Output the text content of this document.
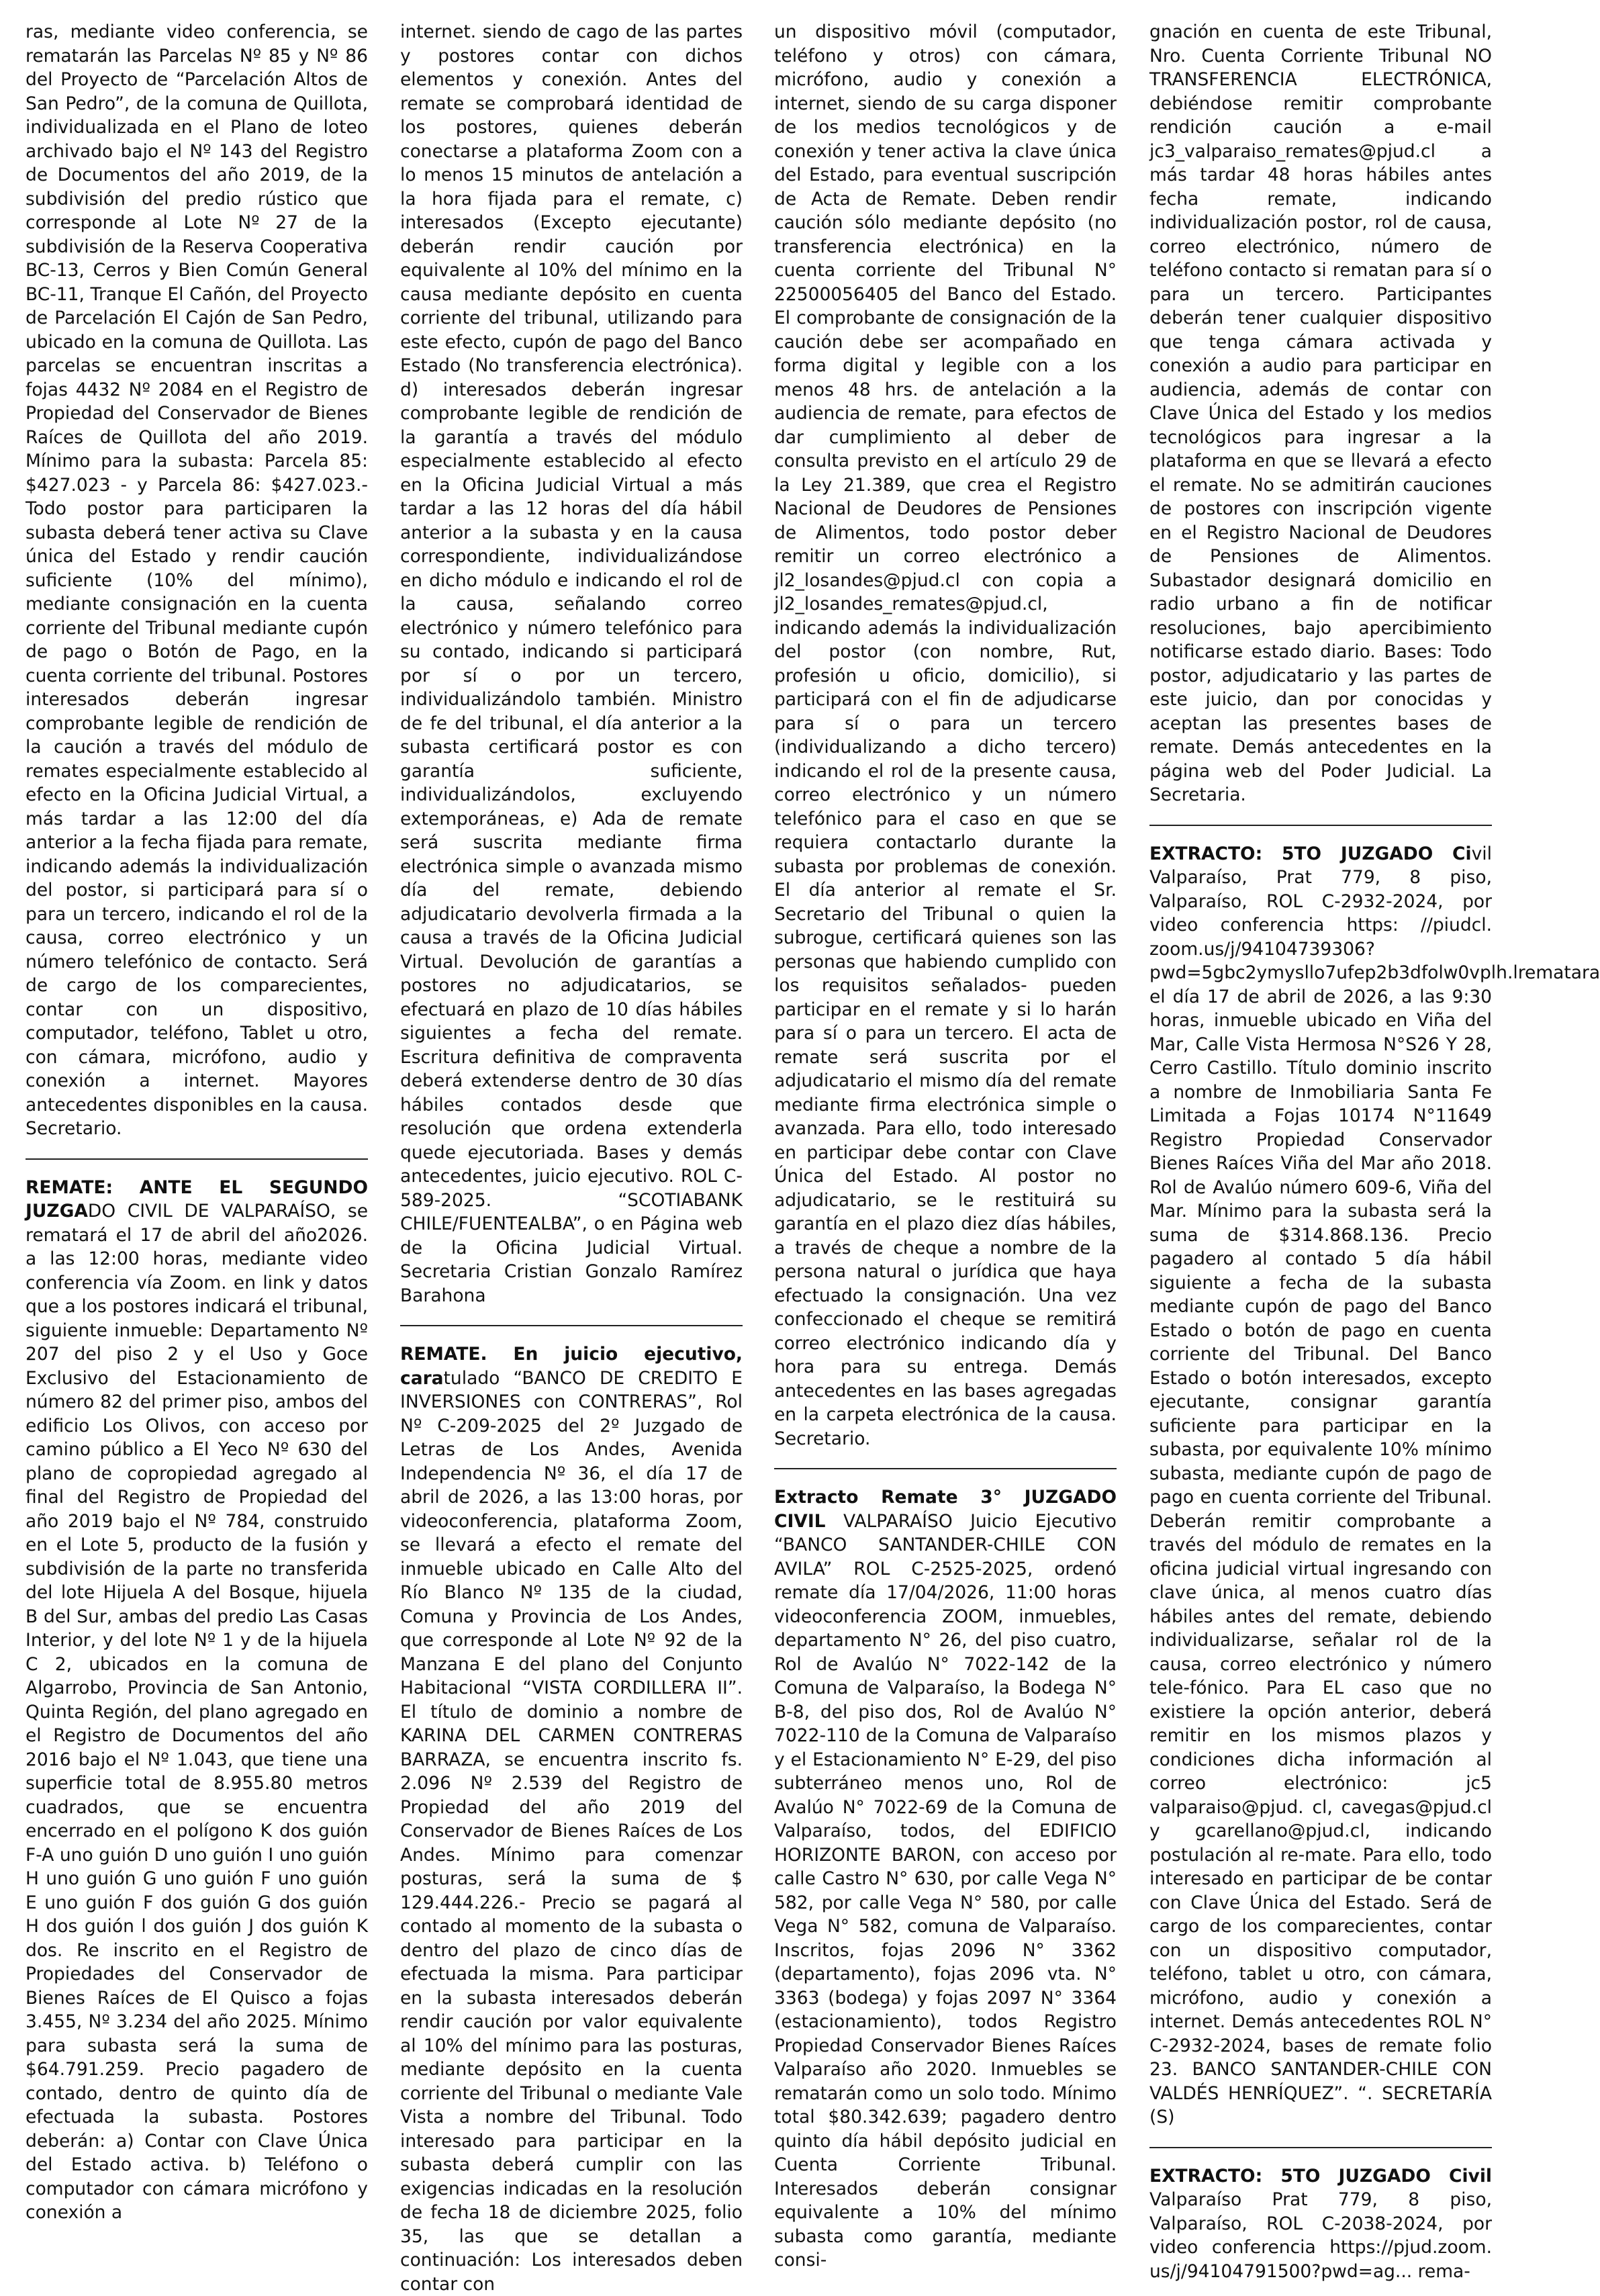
ras, mediante video conferencia, se rematarán las Parcelas Nº 85 y Nº 86 del Proyecto de “Parcelación Altos de San Pedro”, de la comuna de Quillota, individualizada en el Plano de loteo archivado bajo el Nº 143 del Registro de Documentos del año 2019, de la subdivisión del predio rústico que corresponde al Lote Nº 27 de la subdivisión de la Reserva Cooperativa BC-13, Cerros y Bien Común General BC-11, Tranque El Cañón, del Proyecto de Parcelación El Cajón de San Pedro, ubicado en la comuna de Quillota. Las parcelas se encuentran inscritas a fojas 4432 Nº 2084 en el Registro de Propiedad del Conservador de Bienes Raíces de Quillota del año 2019. Mínimo para la subasta: Parcela 85: $427.023 - y Parcela 86: $427.023.-Todo postor para participaren la subasta deberá tener activa su Clave única del Estado y rendir caución suficiente (10% del mínimo), mediante consignación en la cuenta corriente del Tribunal mediante cupón de pago o Botón de Pago, en la cuenta corriente del tribunal. Postores interesados deberán ingresar comprobante legible de rendición de la caución a través del módulo de remates especialmente establecido al efecto en la Oficina Judicial Virtual, a más tardar a las 12:00 del día anterior a la fecha fijada para remate, indicando además la individualización del postor, si participará para sí o para un tercero, indicando el rol de la causa, correo electrónico y un número telefónico de contacto. Será de cargo de los comparecientes, contar con un dispositivo, computador, teléfono, Tablet u otro, con cámara, micrófono, audio y conexión a internet. Mayores antecedentes disponibles en la causa. Secretario.

REMATE: ANTE EL SEGUNDO JUZGADO CIVIL DE VALPARAÍSO, se rematará el 17 de abril del año2026. a las 12:00 horas, mediante video conferencia vía Zoom. en link y datos que a los postores indicará el tribunal, siguiente inmueble: Departamento Nº 207 del piso 2 y el Uso y Goce Exclusivo del Estacionamiento de número 82 del primer piso, ambos del edificio Los Olivos, con acceso por camino público a El Yeco Nº 630 del plano de copropiedad agregado al final del Registro de Propiedad del año 2019 bajo el Nº 784, construido en el Lote 5, producto de la fusión y subdivisión de la parte no transferida del lote Hijuela A del Bosque, hijuela B del Sur, ambas del predio Las Casas Interior, y del lote Nº 1 y de la hijuela C 2, ubicados en la comuna de Algarrobo, Provincia de San Antonio, Quinta Región, del plano agregado en el Registro de Documentos del año 2016 bajo el Nº 1.043, que tiene una superficie total de 8.955.80 metros cuadrados, que se encuentra encerrado en el polígono K dos guión F-A uno guión D uno guión I uno guión H uno guión G uno guión F uno guión E uno guión F dos guión G dos guión H dos guión l dos guión J dos guión K dos. Re inscrito en el Registro de Propiedades del Conservador de Bienes Raíces de El Quisco a fojas 3.455, Nº 3.234 del año 2025. Mínimo para subasta será la suma de $64.791.259. Precio pagadero de contado, dentro de quinto día de efectuada la subasta. Postores deberán: a) Contar con Clave Única del Estado activa. b) Teléfono o computador con cámara micrófono y conexión a

internet. siendo de cago de las partes y postores contar con dichos elementos y conexión. Antes del remate se comprobará identidad de los postores, quienes deberán conectarse a plataforma Zoom con a lo menos 15 minutos de antelación a la hora fijada para el remate, c) interesados (Excepto ejecutante) deberán rendir caución por equivalente al 10% del mínimo en la causa mediante depósito en cuenta corriente del tribunal, utilizando para este efecto, cupón de pago del Banco Estado (No transferencia electrónica). d) interesados deberán ingresar comprobante legible de rendición de la garantía a través del módulo especialmente establecido al efecto en la Oficina Judicial Virtual a más tardar a las 12 horas del día hábil anterior a la subasta y en la causa correspondiente, individualizándose en dicho módulo e indicando el rol de la causa, señalando correo electrónico y número telefónico para su contado, indicando si participará por sí o por un tercero, individualizándolo también. Ministro de fe del tribunal, el día anterior a la subasta certificará postor es con garantía suficiente, individualizándolos, excluyendo extemporáneas, e) Ada de remate será suscrita mediante firma electrónica simple o avanzada mismo día del remate, debiendo adjudicatario devolverla firmada a la causa a través de la Oficina Judicial Virtual. Devolución de garantías a postores no adjudicatarios, se efectuará en plazo de 10 días hábiles siguientes a fecha del remate. Escritura definitiva de compraventa deberá extenderse dentro de 30 días hábiles contados desde que resolución que ordena extenderla quede ejecutoriada. Bases y demás antecedentes, juicio ejecutivo. ROL C-589-2025. “SCOTIABANK CHILE/FUENTEALBA”, o en Página web de la Oficina Judicial Virtual. Secretaria Cristian Gonzalo Ramírez Barahona

REMATE. En juicio ejecutivo, caratulado “BANCO DE CREDITO E INVERSIONES con CONTRERAS”, Rol Nº C-209-2025 del 2º Juzgado de Letras de Los Andes, Avenida Independencia Nº 36, el día 17 de abril de 2026, a las 13:00 horas, por videoconferencia, plataforma Zoom, se llevará a efecto el remate del inmueble ubicado en Calle Alto del Río Blanco Nº 135 de la ciudad, Comuna y Provincia de Los Andes, que corresponde al Lote Nº 92 de la Manzana E del plano del Conjunto Habitacional “VISTA CORDILLERA II”. El título de dominio a nombre de KARINA DEL CARMEN CONTRERAS BARRAZA, se encuentra inscrito fs. 2.096 Nº 2.539 del Registro de Propiedad del año 2019 del Conservador de Bienes Raíces de Los Andes. Mínimo para comenzar posturas, será la suma de $ 129.444.226.- Precio se pagará al contado al momento de la subasta o dentro del plazo de cinco días de efectuada la misma. Para participar en la subasta interesados deberán rendir caución por valor equivalente al 10% del mínimo para las posturas, mediante depósito en la cuenta corriente del Tribunal o mediante Vale Vista a nombre del Tribunal. Todo interesado para participar en la subasta deberá cumplir con las exigencias indicadas en la resolución de fecha 18 de diciembre 2025, folio 35, las que se detallan a continuación: Los interesados deben contar con

un dispositivo móvil (computador, teléfono y otros) con cámara, micrófono, audio y conexión a internet, siendo de su carga disponer de los medios tecnológicos y de conexión y tener activa la clave única del Estado, para eventual suscripción de Acta de Remate. Deben rendir caución sólo mediante depósito (no transferencia electrónica) en la cuenta corriente del Tribunal N° 22500056405 del Banco del Estado. El comprobante de consignación de la caución debe ser acompañado en forma digital y legible con a los menos 48 hrs. de antelación a la audiencia de remate, para efectos de dar cumplimiento al deber de consulta previsto en el artículo 29 de la Ley 21.389, que crea el Registro Nacional de Deudores de Pensiones de Alimentos, todo postor deber remitir un correo electrónico a jl2_losandes@pjud.cl con copia a jl2_losandes_remates@pjud.cl, indicando además la individualización del postor (con nombre, Rut, profesión u oficio, domicilio), si participará con el fin de adjudicarse para sí o para un tercero (individualizando a dicho tercero) indicando el rol de la presente causa, correo electrónico y un número telefónico para el caso en que se requiera contactarlo durante la subasta por problemas de conexión. El día anterior al remate el Sr. Secretario del Tribunal o quien la subrogue, certificará quienes son las personas que habiendo cumplido con los requisitos señalados- pueden participar en el remate y si lo harán para sí o para un tercero. El acta de remate será suscrita por el adjudicatario el mismo día del remate mediante firma electrónica simple o avanzada. Para ello, todo interesado en participar debe contar con Clave Única del Estado. Al postor no adjudicatario, se le restituirá su garantía en el plazo diez días hábiles, a través de cheque a nombre de la persona natural o jurídica que haya efectuado la consignación. Una vez confeccionado el cheque se remitirá correo electrónico indicando día y hora para su entrega. Demás antecedentes en las bases agregadas en la carpeta electrónica de la causa. Secretario.

Extracto Remate 3° JUZGADO CIVIL VALPARAÍSO Juicio Ejecutivo “BANCO SANTANDER-CHILE CON AVILA” ROL C-2525-2025, ordenó remate día 17/04/2026, 11:00 horas videoconferencia ZOOM, inmuebles, departamento N° 26, del piso cuatro, Rol de Avalúo N° 7022-142 de la Comuna de Valparaíso, la Bodega N° B-8, del piso dos, Rol de Avalúo N° 7022-110 de la Comuna de Valparaíso y el Estacionamiento N° E-29, del piso subterráneo menos uno, Rol de Avalúo N° 7022-69 de la Comuna de Valparaíso, todos, del EDIFICIO HORIZONTE BARON, con acceso por calle Castro N° 630, por calle Vega N° 582, por calle Vega N° 580, por calle Vega N° 582, comuna de Valparaíso. Inscritos, fojas 2096 N° 3362 (departamento), fojas 2096 vta. N° 3363 (bodega) y fojas 2097 N° 3364 (estacionamiento), todos Registro Propiedad Conservador Bienes Raíces Valparaíso año 2020. Inmuebles se rematarán como un solo todo. Mínimo total $80.342.639; pagadero dentro quinto día hábil depósito judicial en Cuenta Corriente Tribunal. Interesados deberán consignar equivalente a 10% del mínimo subasta como garantía, mediante consi-

gnación en cuenta de este Tribunal, Nro. Cuenta Corriente Tribunal NO TRANSFERENCIA ELECTRÓNICA, debiéndose remitir comprobante rendición caución a e-mail jc3_valparaiso_remates@pjud.cl a más tardar 48 horas hábiles antes fecha remate, indicando individualización postor, rol de causa, correo electrónico, número de teléfono contacto si rematan para sí o para un tercero. Participantes deberán tener cualquier dispositivo que tenga cámara activada y conexión a audio para participar en audiencia, además de contar con Clave Única del Estado y los medios tecnológicos para ingresar a la plataforma en que se llevará a efecto el remate. No se admitirán cauciones de postores con inscripción vigente en el Registro Nacional de Deudores de Pensiones de Alimentos. Subastador designará domicilio en radio urbano a fin de notificar resoluciones, bajo apercibimiento notificarse estado diario. Bases: Todo postor, adjudicatario y las partes de este juicio, dan por conocidas y aceptan las presentes bases de remate. Demás antecedentes en la página web del Poder Judicial. La Secretaria.

EXTRACTO: 5TO JUZGADO Civil Valparaíso, Prat 779, 8 piso, Valparaíso, ROL C-2932-2024, por video conferencia https: //piudcl. zoom.us/j/94104739306?pwd=5gbc2ymysllo7ufep2b3dfolw0vplh.lrematara el día 17 de abril de 2026, a las 9:30 horas, inmueble ubicado en Viña del Mar, Calle Vista Hermosa N°S26 Y 28, Cerro Castillo. Título dominio inscrito a nombre de Inmobiliaria Santa Fe Limitada a Fojas 10174 N°11649 Registro Propiedad Conservador Bienes Raíces Viña del Mar año 2018. Rol de Avalúo número 609-6, Viña del Mar. Mínimo para la subasta será la suma de $314.868.136. Precio pagadero al contado 5 día hábil siguiente a fecha de la subasta mediante cupón de pago del Banco Estado o botón de pago en cuenta corriente del Tribunal. Del Banco Estado o botón interesados, excepto ejecutante, consignar garantía suficiente para participar en la subasta, por equivalente 10% mínimo subasta, mediante cupón de pago de pago en cuenta corriente del Tribunal. Deberán remitir comprobante a través del módulo de remates en la oficina judicial virtual ingresando con clave única, al menos cuatro días hábiles antes del remate, debiendo individualizarse, señalar rol de la causa, correo electrónico y número tele-fónico. Para EL caso que no existiere la opción anterior, deberá remitir en los mismos plazos y condiciones dicha información al correo electrónico: jc5 valparaiso@pjud. cl, cavegas@pjud.cl y gcarellano@pjud.cl, indicando postulación al re-mate. Para ello, todo interesado en participar de be contar con Clave Única del Estado. Será de cargo de los comparecientes, contar con un dispositivo computador, teléfono, tablet u otro, con cámara, micrófono, audio y conexión a internet. Demás antecedentes ROL N° C-2932-2024, bases de remate folio 23. BANCO SANTANDER-CHILE CON VALDÉS HENRÍQUEZ”. “. SECRETARÍA (S)

EXTRACTO: 5TO JUZGADO Civil Valparaíso Prat 779, 8 piso, Valparaíso, ROL C-2038-2024, por video conferencia https://pjud.zoom. us/j/94104791500?pwd=ag... rema-
